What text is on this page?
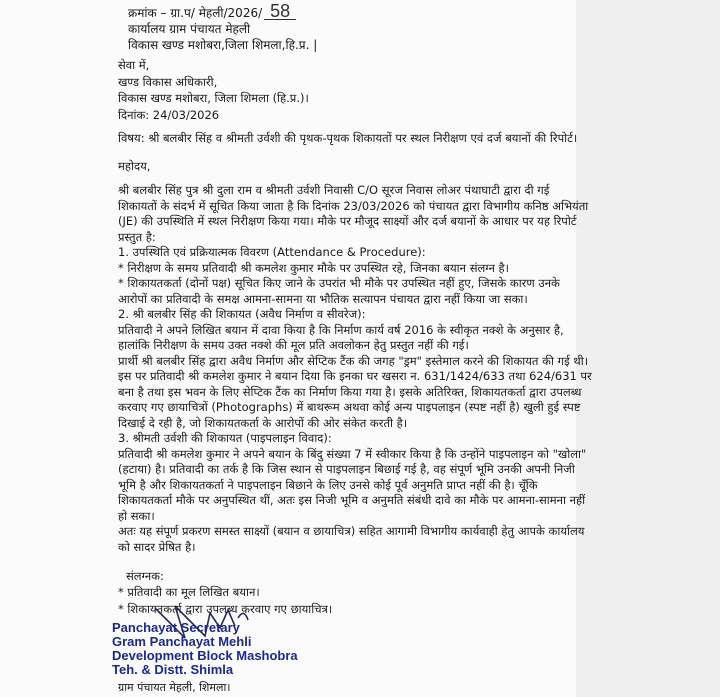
क्रमांक – ग्रा.प/ मेहली/2026/ 58
कार्यालय ग्राम पंचायत मेहली
विकास खण्ड मशोबरा,जिला शिमला,हि.प्र. |
सेवा में,
खण्ड विकास अधिकारी,
विकास खण्ड मशोबरा, जिला शिमला (हि.प्र.)।
दिनांक: 24/03/2026
विषय: श्री बलबीर सिंह व श्रीमती उर्वशी की पृथक-पृथक शिकायतों पर स्थल निरीक्षण एवं दर्ज बयानों की रिपोर्ट।
महोदय,
श्री बलबीर सिंह पुत्र श्री दुला राम व श्रीमती उर्वशी निवासी C/O सूरज निवास लोअर पंथाघाटी द्वारा दी गई
शिकायतों के संदर्भ में सूचित किया जाता है कि दिनांक 23/03/2026 को पंचायत द्वारा विभागीय कनिष्ठ अभियंता
(JE) की उपस्थिति में स्थल निरीक्षण किया गया। मौके पर मौजूद साक्ष्यों और दर्ज बयानों के आधार पर यह रिपोर्ट
प्रस्तुत है:
1. उपस्थिति एवं प्रक्रियात्मक विवरण (Attendance & Procedure):
* निरीक्षण के समय प्रतिवादी श्री कमलेश कुमार मौके पर उपस्थित रहे, जिनका बयान संलग्न है।
* शिकायतकर्ता (दोनों पक्ष) सूचित किए जाने के उपरांत भी मौके पर उपस्थित नहीं हुए, जिसके कारण उनके
आरोपों का प्रतिवादी के समक्ष आमना-सामना या भौतिक सत्यापन पंचायत द्वारा नहीं किया जा सका।
2. श्री बलबीर सिंह की शिकायत (अवैध निर्माण व सीवरेज):
प्रतिवादी ने अपने लिखित बयान में दावा किया है कि निर्माण कार्य वर्ष 2016 के स्वीकृत नक्शे के अनुसार है,
हालांकि निरीक्षण के समय उक्त नक्शे की मूल प्रति अवलोकन हेतु प्रस्तुत नहीं की गई।
प्रार्थी श्री बलबीर सिंह द्वारा अवैध निर्माण और सेप्टिक टैंक की जगह "ड्रम" इस्तेमाल करने की शिकायत की गई थी।
इस पर प्रतिवादी श्री कमलेश कुमार ने बयान दिया कि इनका घर खसरा न. 631/1424/633 तथा 624/631 पर
बना है तथा इस भवन के लिए सेप्टिक टैंक का निर्माण किया गया है। इसके अतिरिक्त, शिकायतकर्ता द्वारा उपलब्ध
करवाए गए छायाचित्रों (Photographs) में बाथरूम अथवा कोई अन्य पाइपलाइन (स्पष्ट नहीं है) खुली हुई स्पष्ट
दिखाई दे रही है, जो शिकायतकर्ता के आरोपों की ओर संकेत करती है।
3. श्रीमती उर्वशी की शिकायत (पाइपलाइन विवाद):
प्रतिवादी श्री कमलेश कुमार ने अपने बयान के बिंदु संख्या 7 में स्वीकार किया है कि उन्होंने पाइपलाइन को "खोला"
(हटाया) है। प्रतिवादी का तर्क है कि जिस स्थान से पाइपलाइन बिछाई गई है, वह संपूर्ण भूमि उनकी अपनी निजी
भूमि है और शिकायतकर्ता ने पाइपलाइन बिछाने के लिए उनसे कोई पूर्व अनुमति प्राप्त नहीं की है। चूँकि
शिकायतकर्ता मौके पर अनुपस्थित थीं, अतः इस निजी भूमि व अनुमति संबंधी दावे का मौके पर आमना-सामना नहीं
हो सका।
अतः यह संपूर्ण प्रकरण समस्त साक्ष्यों (बयान व छायाचित्र) सहित आगामी विभागीय कार्यवाही हेतु आपके कार्यालय
को सादर प्रेषित है।
संलग्नक:
* प्रतिवादी का मूल लिखित बयान।
* शिकायतकर्ता द्वारा उपलब्ध करवाए गए छायाचित्र।
Panchayat Secretary
Gram Panchayat Mehli
Development Block Mashobra
Teh. & Distt. Shimla
ग्राम पंचायत मेहली, शिमला।
